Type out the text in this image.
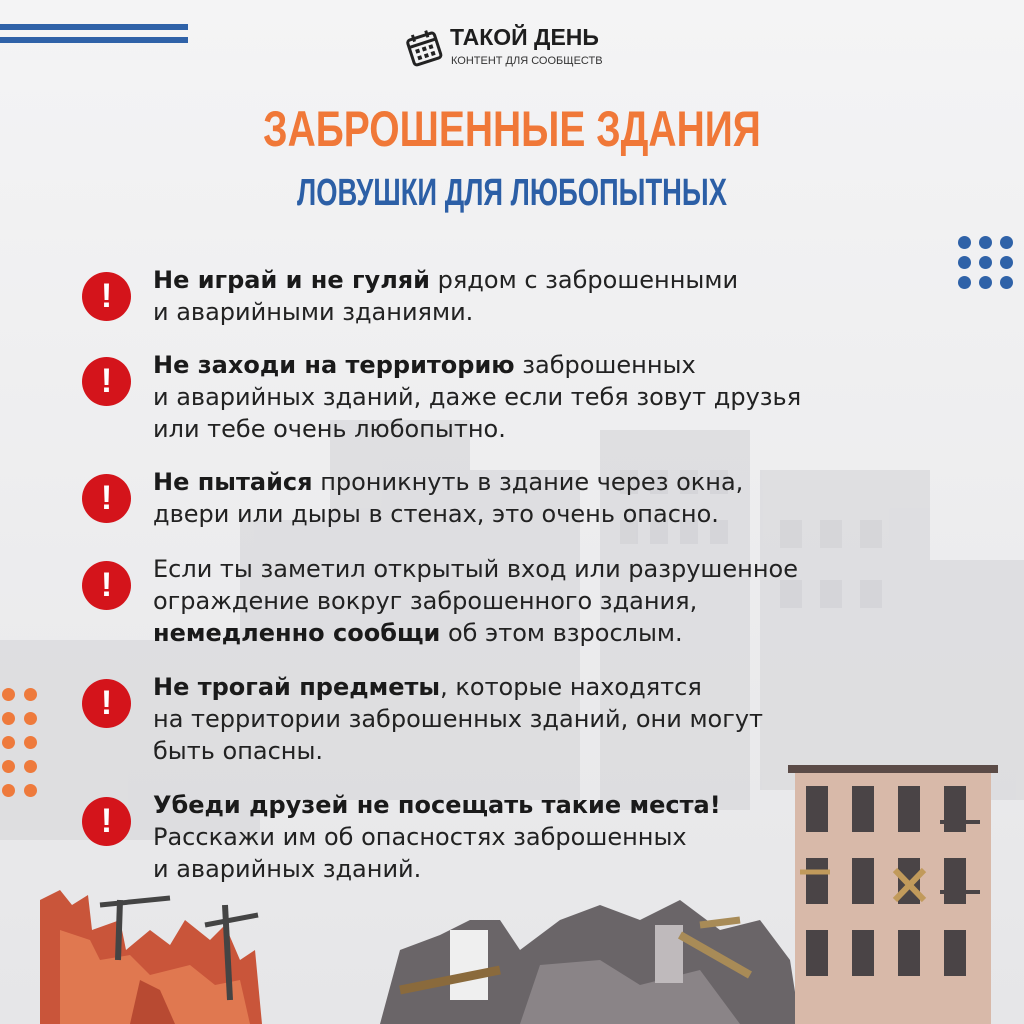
ТАКОЙ ДЕНЬ
КОНТЕНТ ДЛЯ СООБЩЕСТВ
ЗАБРОШЕННЫЕ ЗДАНИЯ
ЛОВУШКИ ДЛЯ ЛЮБОПЫТНЫХ
!	Не играй и не гуляй рядом с заброшенными
и аварийными зданиями.
!	Не заходи на территорию заброшенных
и аварийных зданий, даже если тебя зовут друзья
или тебе очень любопытно.
!	Не пытайся проникнуть в здание через окна,
двери или дыры в стенах, это очень опасно.
!	Если ты заметил открытый вход или разрушенное
ограждение вокруг заброшенного здания,
немедленно сообщи об этом взрослым.
!	Не трогай предметы, которые находятся
на территории заброшенных зданий, они могут
быть опасны.
!	Убеди друзей не посещать такие места!
Расскажи им об опасностях заброшенных
и аварийных зданий.
